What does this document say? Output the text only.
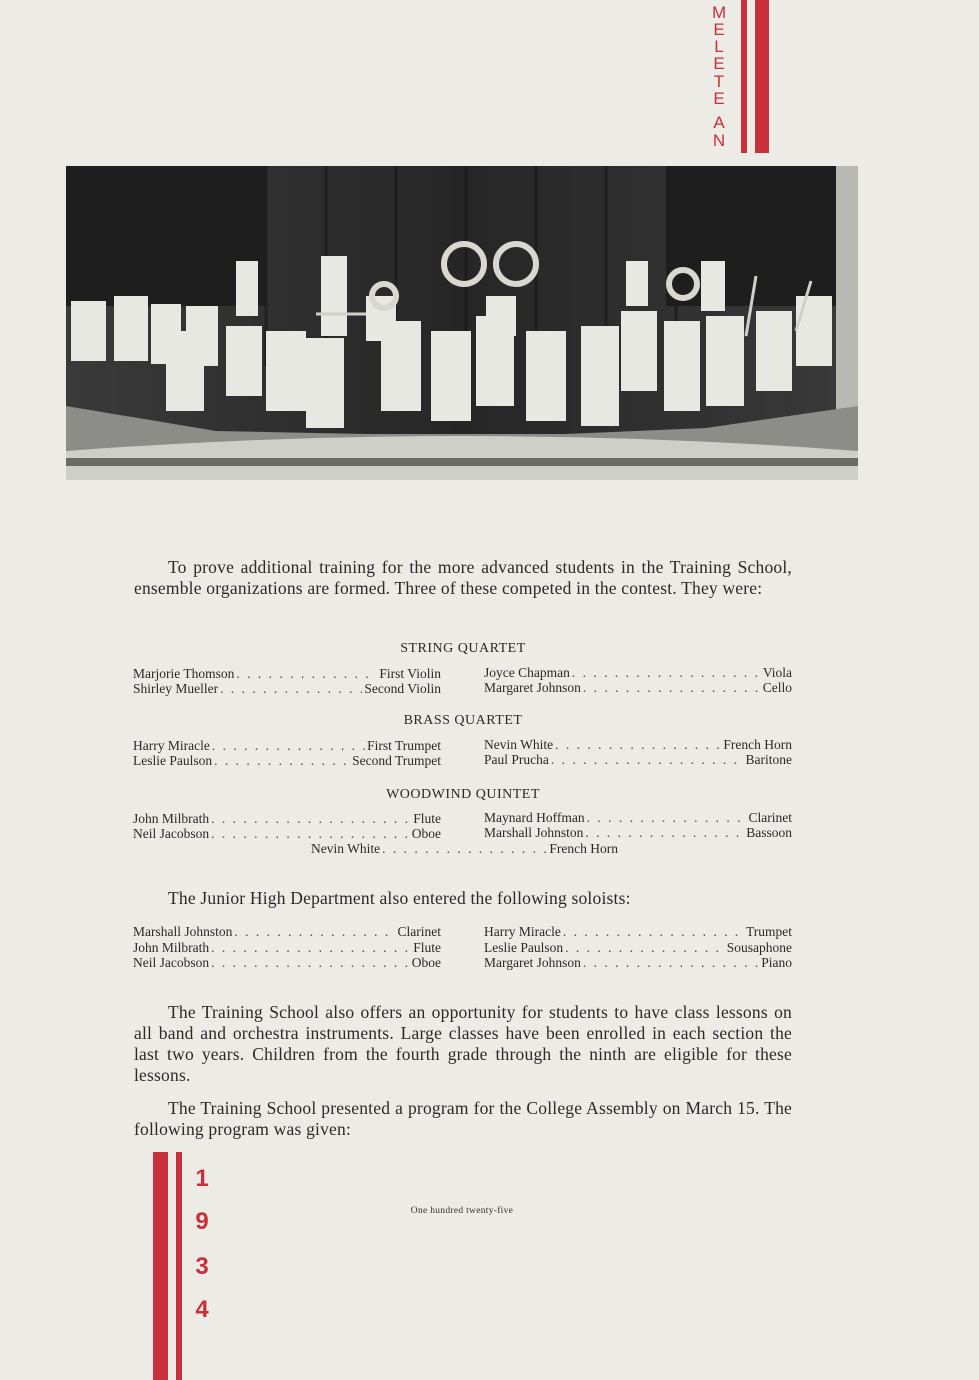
M
E
L
E
T
E
A
N
To prove additional training for the more advanced students in the Training School, ensemble organizations are formed. Three of these competed in the contest. They were:
STRING QUARTET
Marjorie Thomson . . .	First Violin
Shirley Mueller . . .	Second Violin
Joyce Chapman . . .	Viola
Margaret Johnson . . .	Cello
BRASS QUARTET
Harry Miracle . . .	First Trumpet
Leslie Paulson . . .	Second Trumpet
Nevin White . . .	French Horn
Paul Prucha . . .	Baritone
WOODWIND QUINTET
John Milbrath . . .	Flute
Neil Jacobson . . .	Oboe
Maynard Hoffman . . .	Clarinet
Marshall Johnston . . .	Bassoon
Nevin White . . .	French Horn
The Junior High Department also entered the following soloists:
Marshall Johnston . . .	Clarinet
John Milbrath . . .	Flute
Neil Jacobson . . .	Oboe
Harry Miracle . . .	Trumpet
Leslie Paulson . . .	Sousaphone
Margaret Johnson . . .	Piano
The Training School also offers an opportunity for students to have class lessons on all band and orchestra instruments. Large classes have been enrolled in each section the last two years. Children from the fourth grade through the ninth are eligible for these lessons.
The Training School presented a program for the College Assembly on March 15. The following program was given:
1
9
3
4
One hundred twenty-five
